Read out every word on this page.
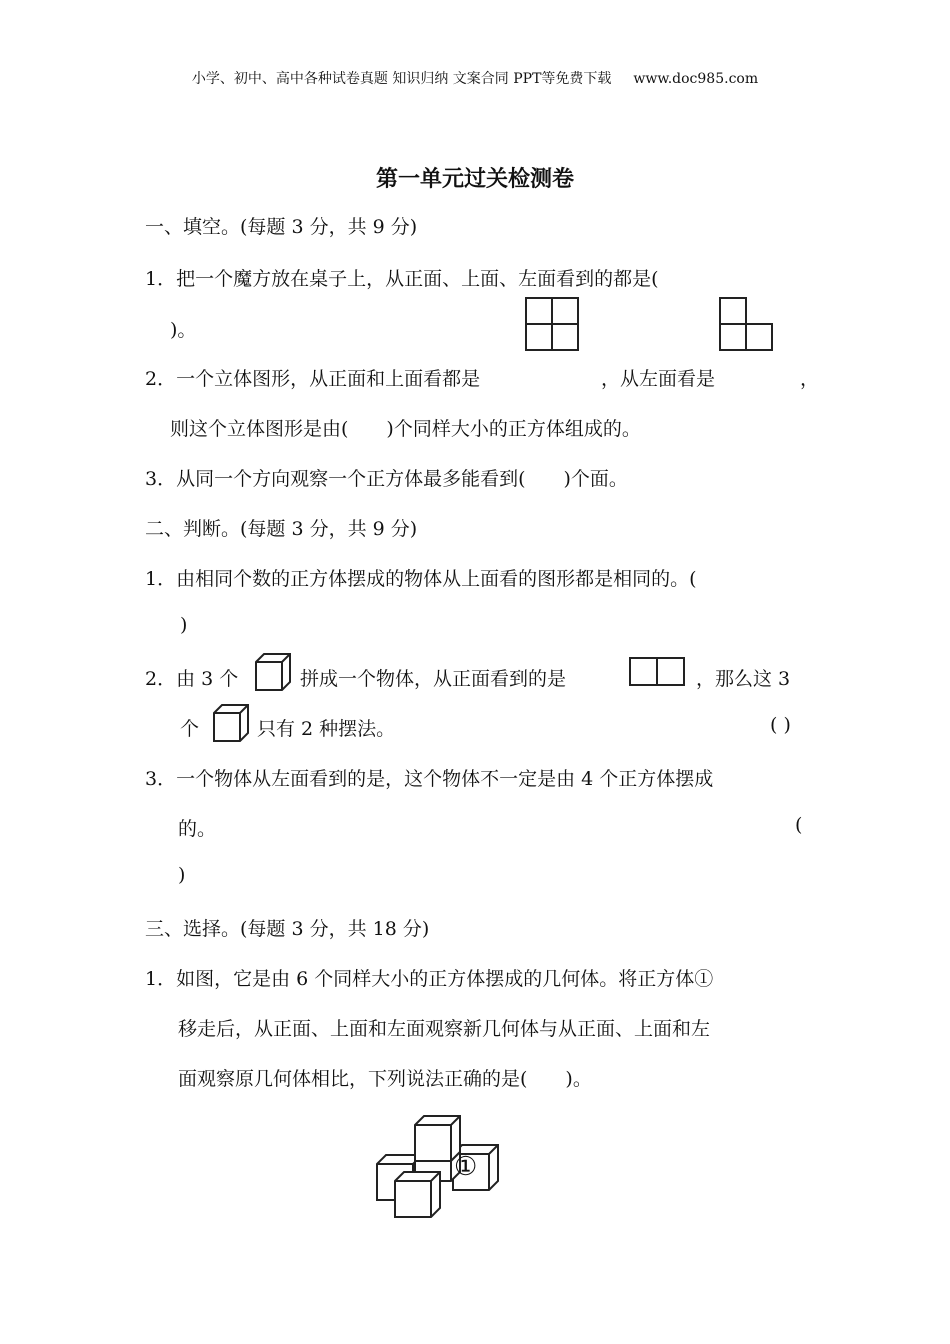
小学、初中、高中各种试卷真题 知识归纳 文案合同 PPT等免费下载 www.doc985.com
第一单元过关检测卷
一、填空。(每题 3 分，共 9 分)
1．把一个魔方放在桌子上，从正面、上面、左面看到的都是(
)。
2．一个立体图形，从正面和上面看都是	，从左面看是	，
则这个立体图形是由(　　)个同样大小的正方体组成的。
3．从同一个方向观察一个正方体最多能看到(　　)个面。
二、判断。(每题 3 分，共 9 分)
1．由相同个数的正方体摆成的物体从上面看的图形都是相同的。(
)
2．由 3 个	拼成一个物体，从正面看到的是	，那么这 3
个	只有 2 种摆法。	( )
3．一个物体从左面看到的是，这个物体不一定是由 4 个正方体摆成
的。	(
)
三、选择。(每题 3 分，共 18 分)
1．如图，它是由 6 个同样大小的正方体摆成的几何体。将正方体①
移走后，从正面、上面和左面观察新几何体与从正面、上面和左
面观察原几何体相比，下列说法正确的是(　　)。
①
